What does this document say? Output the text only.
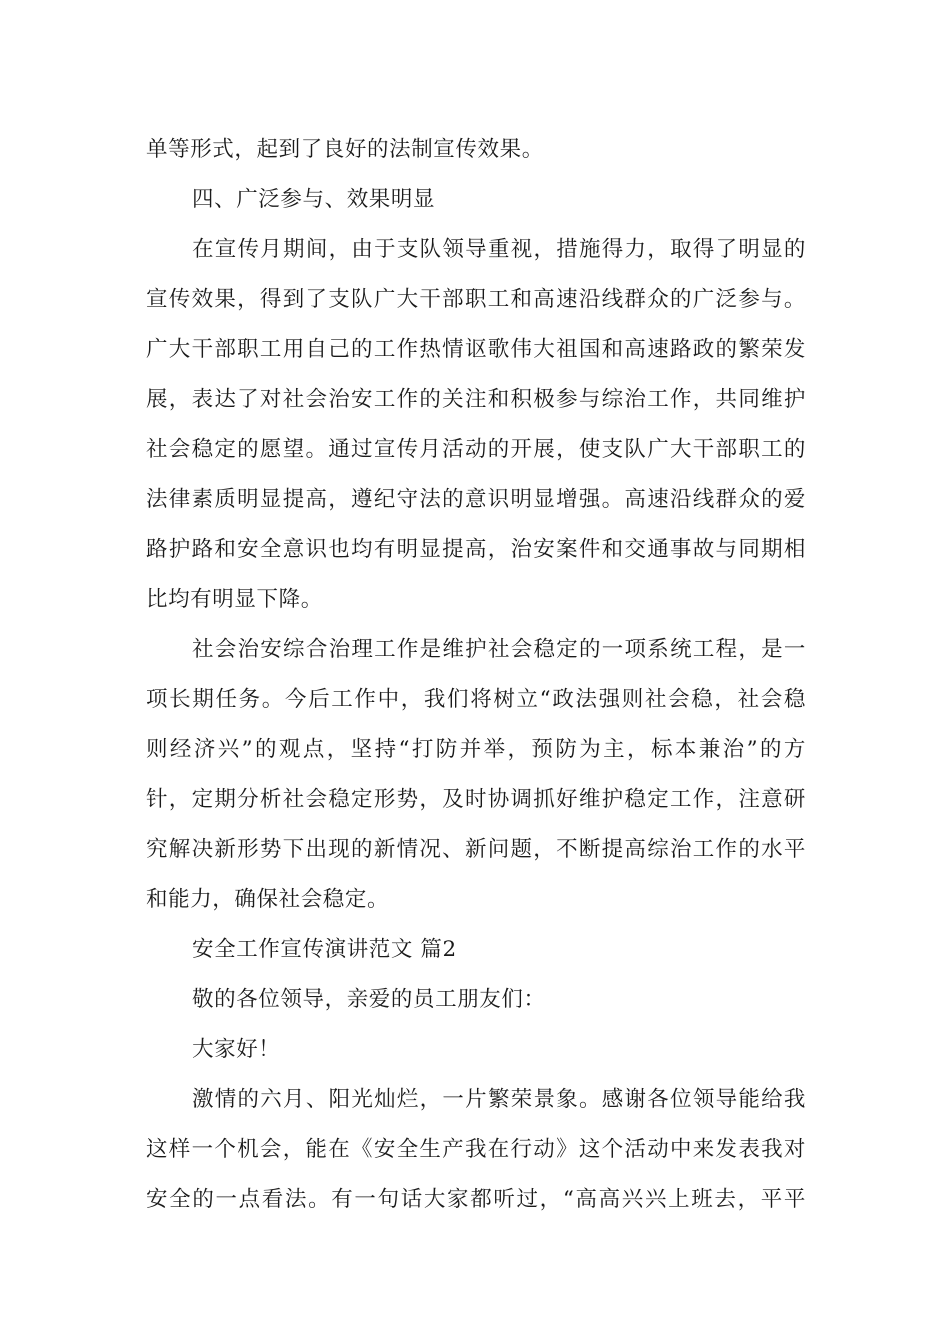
单等形式，起到了良好的法制宣传效果。
四、广泛参与、效果明显
在宣传月期间，由于支队领导重视，措施得力，取得了明显的
宣传效果，得到了支队广大干部职工和高速沿线群众的广泛参与。
广大干部职工用自己的工作热情讴歌伟大祖国和高速路政的繁荣发
展，表达了对社会治安工作的关注和积极参与综治工作，共同维护
社会稳定的愿望。通过宣传月活动的开展，使支队广大干部职工的
法律素质明显提高，遵纪守法的意识明显增强。高速沿线群众的爱
路护路和安全意识也均有明显提高，治安案件和交通事故与同期相
比均有明显下降。
社会治安综合治理工作是维护社会稳定的一项系统工程，是一
项长期任务。今后工作中，我们将树立“政法强则社会稳，社会稳
则经济兴”的观点，坚持“打防并举，预防为主，标本兼治”的方
针，定期分析社会稳定形势，及时协调抓好维护稳定工作，注意研
究解决新形势下出现的新情况、新问题，不断提高综治工作的水平
和能力，确保社会稳定。
安全工作宣传演讲范文 篇2
敬的各位领导，亲爱的员工朋友们：
大家好！
激情的六月、阳光灿烂，一片繁荣景象。感谢各位领导能给我
这样一个机会，能在《安全生产我在行动》这个活动中来发表我对
安全的一点看法。有一句话大家都听过，“高高兴兴上班去，平平
